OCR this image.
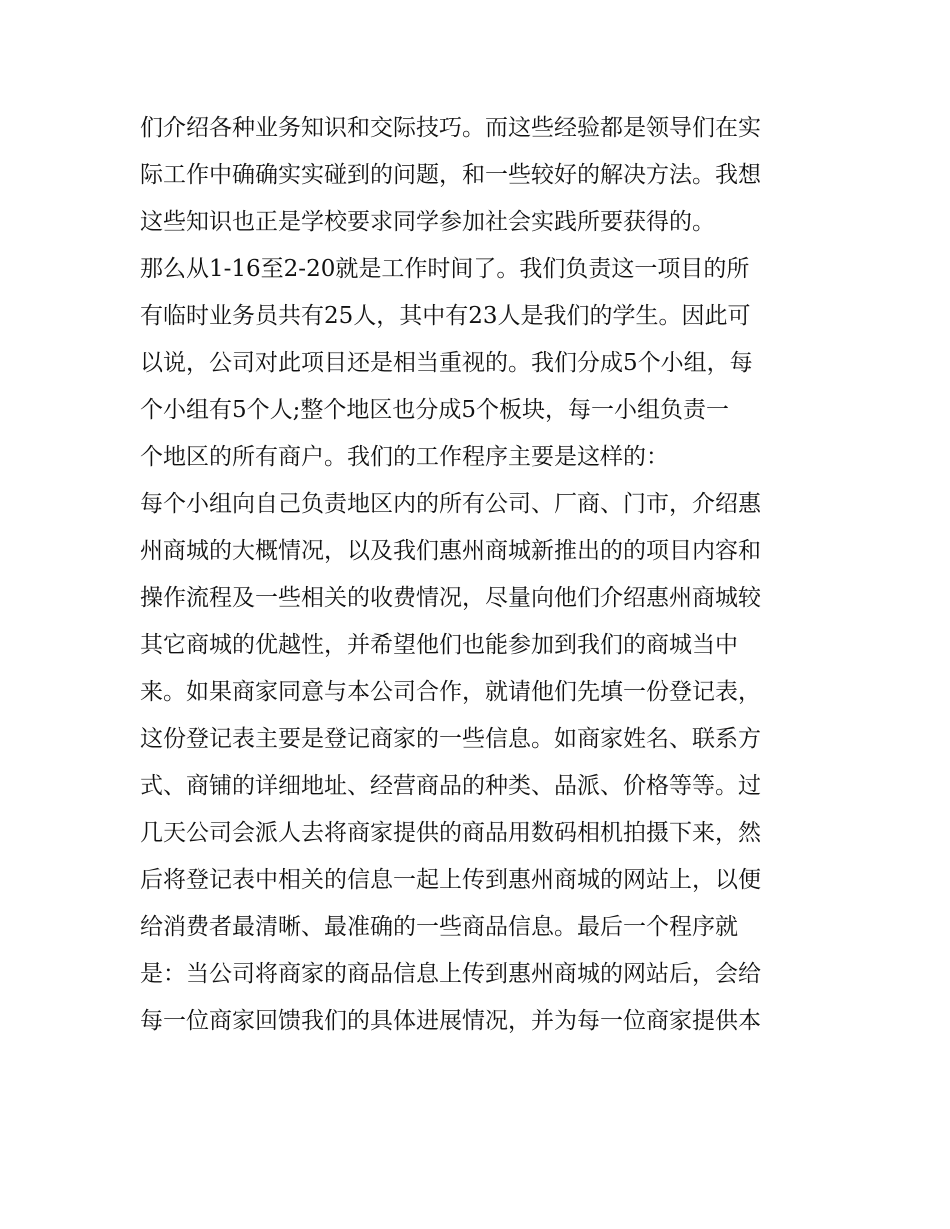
们介绍各种业务知识和交际技巧。而这些经验都是领导们在实
际工作中确确实实碰到的问题，和一些较好的解决方法。我想
这些知识也正是学校要求同学参加社会实践所要获得的。
那么从1-16至2-20就是工作时间了。我们负责这一项目的所
有临时业务员共有25人，其中有23人是我们的学生。因此可
以说，公司对此项目还是相当重视的。我们分成5个小组，每
个小组有5个人;整个地区也分成5个板块，每一小组负责一
个地区的所有商户。我们的工作程序主要是这样的：
每个小组向自己负责地区内的所有公司、厂商、门市，介绍惠
州商城的大概情况，以及我们惠州商城新推出的的项目内容和
操作流程及一些相关的收费情况，尽量向他们介绍惠州商城较
其它商城的优越性，并希望他们也能参加到我们的商城当中
来。如果商家同意与本公司合作，就请他们先填一份登记表，
这份登记表主要是登记商家的一些信息。如商家姓名、联系方
式、商铺的详细地址、经营商品的种类、品派、价格等等。过
几天公司会派人去将商家提供的商品用数码相机拍摄下来，然
后将登记表中相关的信息一起上传到惠州商城的网站上，以便
给消费者最清晰、最准确的一些商品信息。最后一个程序就
是：当公司将商家的商品信息上传到惠州商城的网站后，会给
每一位商家回馈我们的具体进展情况，并为每一位商家提供本
